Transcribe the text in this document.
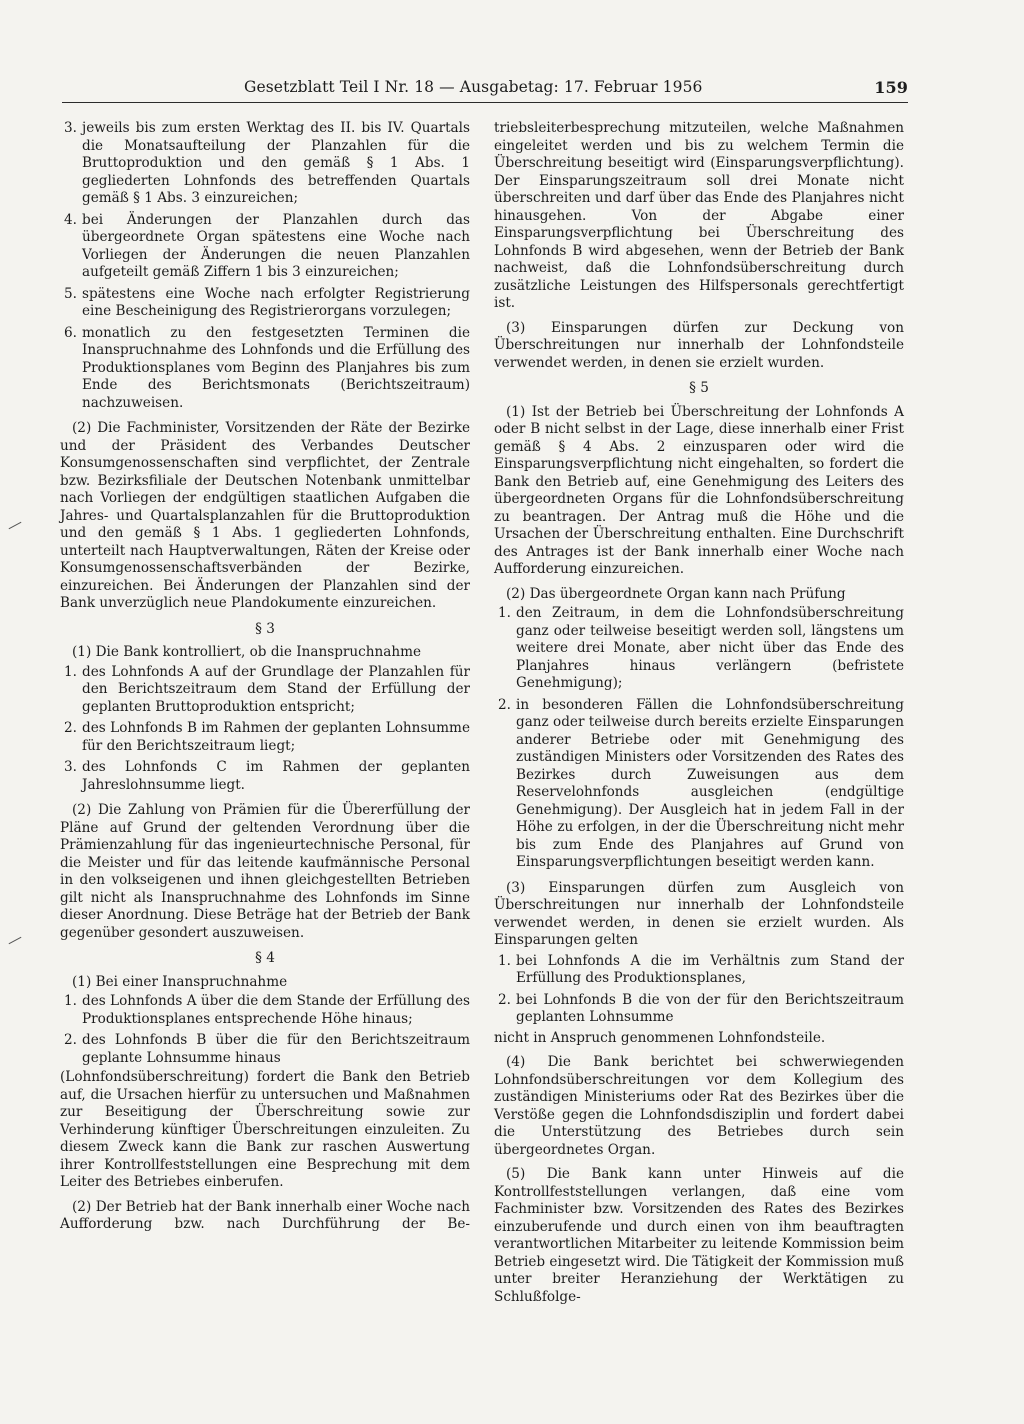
Gesetzblatt Teil I Nr. 18 — Ausgabetag: 17. Februar 1956	159
3. jeweils bis zum ersten Werktag des II. bis IV. Quartals die Monatsaufteilung der Planzahlen für die Bruttoproduktion und den gemäß § 1 Abs. 1 gegliederten Lohnfonds des betreffenden Quartals gemäß § 1 Abs. 3 einzureichen;
4. bei Änderungen der Planzahlen durch das übergeordnete Organ spätestens eine Woche nach Vorliegen der Änderungen die neuen Planzahlen aufgeteilt gemäß Ziffern 1 bis 3 einzureichen;
5. spätestens eine Woche nach erfolgter Registrierung eine Bescheinigung des Registrierorgans vorzulegen;
6. monatlich zu den festgesetzten Terminen die Inanspruchnahme des Lohnfonds und die Erfüllung des Produktionsplanes vom Beginn des Planjahres bis zum Ende des Berichtsmonats (Berichtszeitraum) nachzuweisen.

(2) Die Fachminister, Vorsitzenden der Räte der Bezirke und der Präsident des Verbandes Deutscher Konsumgenossenschaften sind verpflichtet, der Zentrale bzw. Bezirksfiliale der Deutschen Notenbank unmittelbar nach Vorliegen der endgültigen staatlichen Aufgaben die Jahres- und Quartalsplanzahlen für die Bruttoproduktion und den gemäß § 1 Abs. 1 gegliederten Lohnfonds, unterteilt nach Hauptverwaltungen, Räten der Kreise oder Konsumgenossenschaftsverbänden der Bezirke, einzureichen. Bei Änderungen der Planzahlen sind der Bank unverzüglich neue Plandokumente einzureichen.

§ 3

(1) Die Bank kontrolliert, ob die Inanspruchnahme

1. des Lohnfonds A auf der Grundlage der Planzahlen für den Berichtszeitraum dem Stand der Erfüllung der geplanten Bruttoproduktion entspricht;
2. des Lohnfonds B im Rahmen der geplanten Lohnsumme für den Berichtszeitraum liegt;
3. des Lohnfonds C im Rahmen der geplanten Jahreslohnsumme liegt.

(2) Die Zahlung von Prämien für die Übererfüllung der Pläne auf Grund der geltenden Verordnung über die Prämienzahlung für das ingenieurtechnische Personal, für die Meister und für das leitende kaufmännische Personal in den volkseigenen und ihnen gleichgestellten Betrieben gilt nicht als Inanspruchnahme des Lohnfonds im Sinne dieser Anordnung. Diese Beträge hat der Betrieb der Bank gegenüber gesondert auszuweisen.

§ 4

(1) Bei einer Inanspruchnahme

1. des Lohnfonds A über die dem Stande der Erfüllung des Produktionsplanes entsprechende Höhe hinaus;
2. des Lohnfonds B über die für den Berichtszeitraum geplante Lohnsumme hinaus

(Lohnfondsüberschreitung) fordert die Bank den Betrieb auf, die Ursachen hierfür zu untersuchen und Maßnahmen zur Beseitigung der Überschreitung sowie zur Verhinderung künftiger Überschreitungen einzuleiten. Zu diesem Zweck kann die Bank zur raschen Auswertung ihrer Kontrollfeststellungen eine Besprechung mit dem Leiter des Betriebes einberufen.

(2) Der Betrieb hat der Bank innerhalb einer Woche nach Aufforderung bzw. nach Durchführung der Be-

triebsleiterbesprechung mitzuteilen, welche Maßnahmen eingeleitet werden und bis zu welchem Termin die Überschreitung beseitigt wird (Einsparungsverpflichtung). Der Einsparungszeitraum soll drei Monate nicht überschreiten und darf über das Ende des Planjahres nicht hinausgehen. Von der Abgabe einer Einsparungsverpflichtung bei Überschreitung des Lohnfonds B wird abgesehen, wenn der Betrieb der Bank nachweist, daß die Lohnfondsüberschreitung durch zusätzliche Leistungen des Hilfspersonals gerechtfertigt ist.

(3) Einsparungen dürfen zur Deckung von Überschreitungen nur innerhalb der Lohnfondsteile verwendet werden, in denen sie erzielt wurden.

§ 5

(1) Ist der Betrieb bei Überschreitung der Lohnfonds A oder B nicht selbst in der Lage, diese innerhalb einer Frist gemäß § 4 Abs. 2 einzusparen oder wird die Einsparungsverpflichtung nicht eingehalten, so fordert die Bank den Betrieb auf, eine Genehmigung des Leiters des übergeordneten Organs für die Lohnfondsüberschreitung zu beantragen. Der Antrag muß die Höhe und die Ursachen der Überschreitung enthalten. Eine Durchschrift des Antrages ist der Bank innerhalb einer Woche nach Aufforderung einzureichen.

(2) Das übergeordnete Organ kann nach Prüfung

1. den Zeitraum, in dem die Lohnfondsüberschreitung ganz oder teilweise beseitigt werden soll, längstens um weitere drei Monate, aber nicht über das Ende des Planjahres hinaus verlängern (befristete Genehmigung);
2. in besonderen Fällen die Lohnfondsüberschreitung ganz oder teilweise durch bereits erzielte Einsparungen anderer Betriebe oder mit Genehmigung des zuständigen Ministers oder Vorsitzenden des Rates des Bezirkes durch Zuweisungen aus dem Reservelohnfonds ausgleichen (endgültige Genehmigung). Der Ausgleich hat in jedem Fall in der Höhe zu erfolgen, in der die Überschreitung nicht mehr bis zum Ende des Planjahres auf Grund von Einsparungsverpflichtungen beseitigt werden kann.

(3) Einsparungen dürfen zum Ausgleich von Überschreitungen nur innerhalb der Lohnfondsteile verwendet werden, in denen sie erzielt wurden. Als Einsparungen gelten

1. bei Lohnfonds A die im Verhältnis zum Stand der Erfüllung des Produktionsplanes,
2. bei Lohnfonds B die von der für den Berichtszeitraum geplanten Lohnsumme

nicht in Anspruch genommenen Lohnfondsteile.

(4) Die Bank berichtet bei schwerwiegenden Lohnfondsüberschreitungen vor dem Kollegium des zuständigen Ministeriums oder Rat des Bezirkes über die Verstöße gegen die Lohnfondsdisziplin und fordert dabei die Unterstützung des Betriebes durch sein übergeordnetes Organ.

(5) Die Bank kann unter Hinweis auf die Kontrollfeststellungen verlangen, daß eine vom Fachminister bzw. Vorsitzenden des Rates des Bezirkes einzuberufende und durch einen von ihm beauftragten verantwortlichen Mitarbeiter zu leitende Kommission beim Betrieb eingesetzt wird. Die Tätigkeit der Kommission muß unter breiter Heranziehung der Werktätigen zu Schlußfolge-
